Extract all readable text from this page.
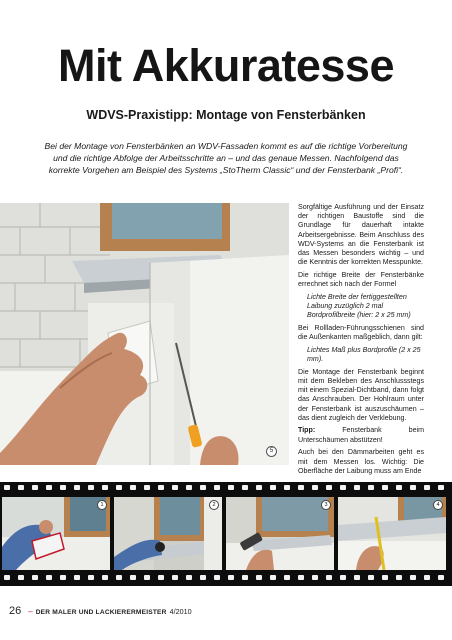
Mit Akkuratesse
WDVS-Praxistipp: Montage von Fensterbänken

Bei der Montage von Fensterbänken an WDV-Fassaden kommt es auf die richtige Vorbereitung und die richtige Abfolge der Arbeitsschritte an – und das genaue Messen. Nachfolgend das korrekte Vorgehen am Beispiel des Systems „StoTherm Classic“ und der Fensterbank „Profi“.

5

Sorgfältige Ausführung und der Einsatz der richtigen Baustoffe sind die Grundlage für dauerhaft intakte Arbeitsergebnisse. Beim Anschluss des WDV-Systems an die Fensterbank ist das Messen besonders wichtig – und die Kenntnis der korrekten Messpunkte.

Die richtige Breite der Fensterbänke errechnet sich nach der Formel

Lichte Breite der fertiggestellten Laibung zuzüglich 2 mal Bordprofilbreite (hier: 2 x 25 mm)

Bei Rollladen-Führungsschienen sind die Außenkanten maßgeblich, dann gilt:

Lichtes Maß plus Bordprofile (2 x 25 mm).

Die Montage der Fensterbank beginnt mit dem Bekleben des Anschlussstegs mit einem Spezial-Dichtband, dann folgt das Anschrauben. Der Hohlraum unter der Fensterbank ist auszuschäumen – das dient zugleich der Verklebung.

Tipp: Fensterbank beim Unterschäumen abstützen!

Auch bei den Dämmarbeiten geht es mit dem Messen los. Wichtig: Die Oberfläche der Laibung muss am Ende

1	2	3	4
26 – DER MALER UND LACKIERERMEISTER 4/2010
